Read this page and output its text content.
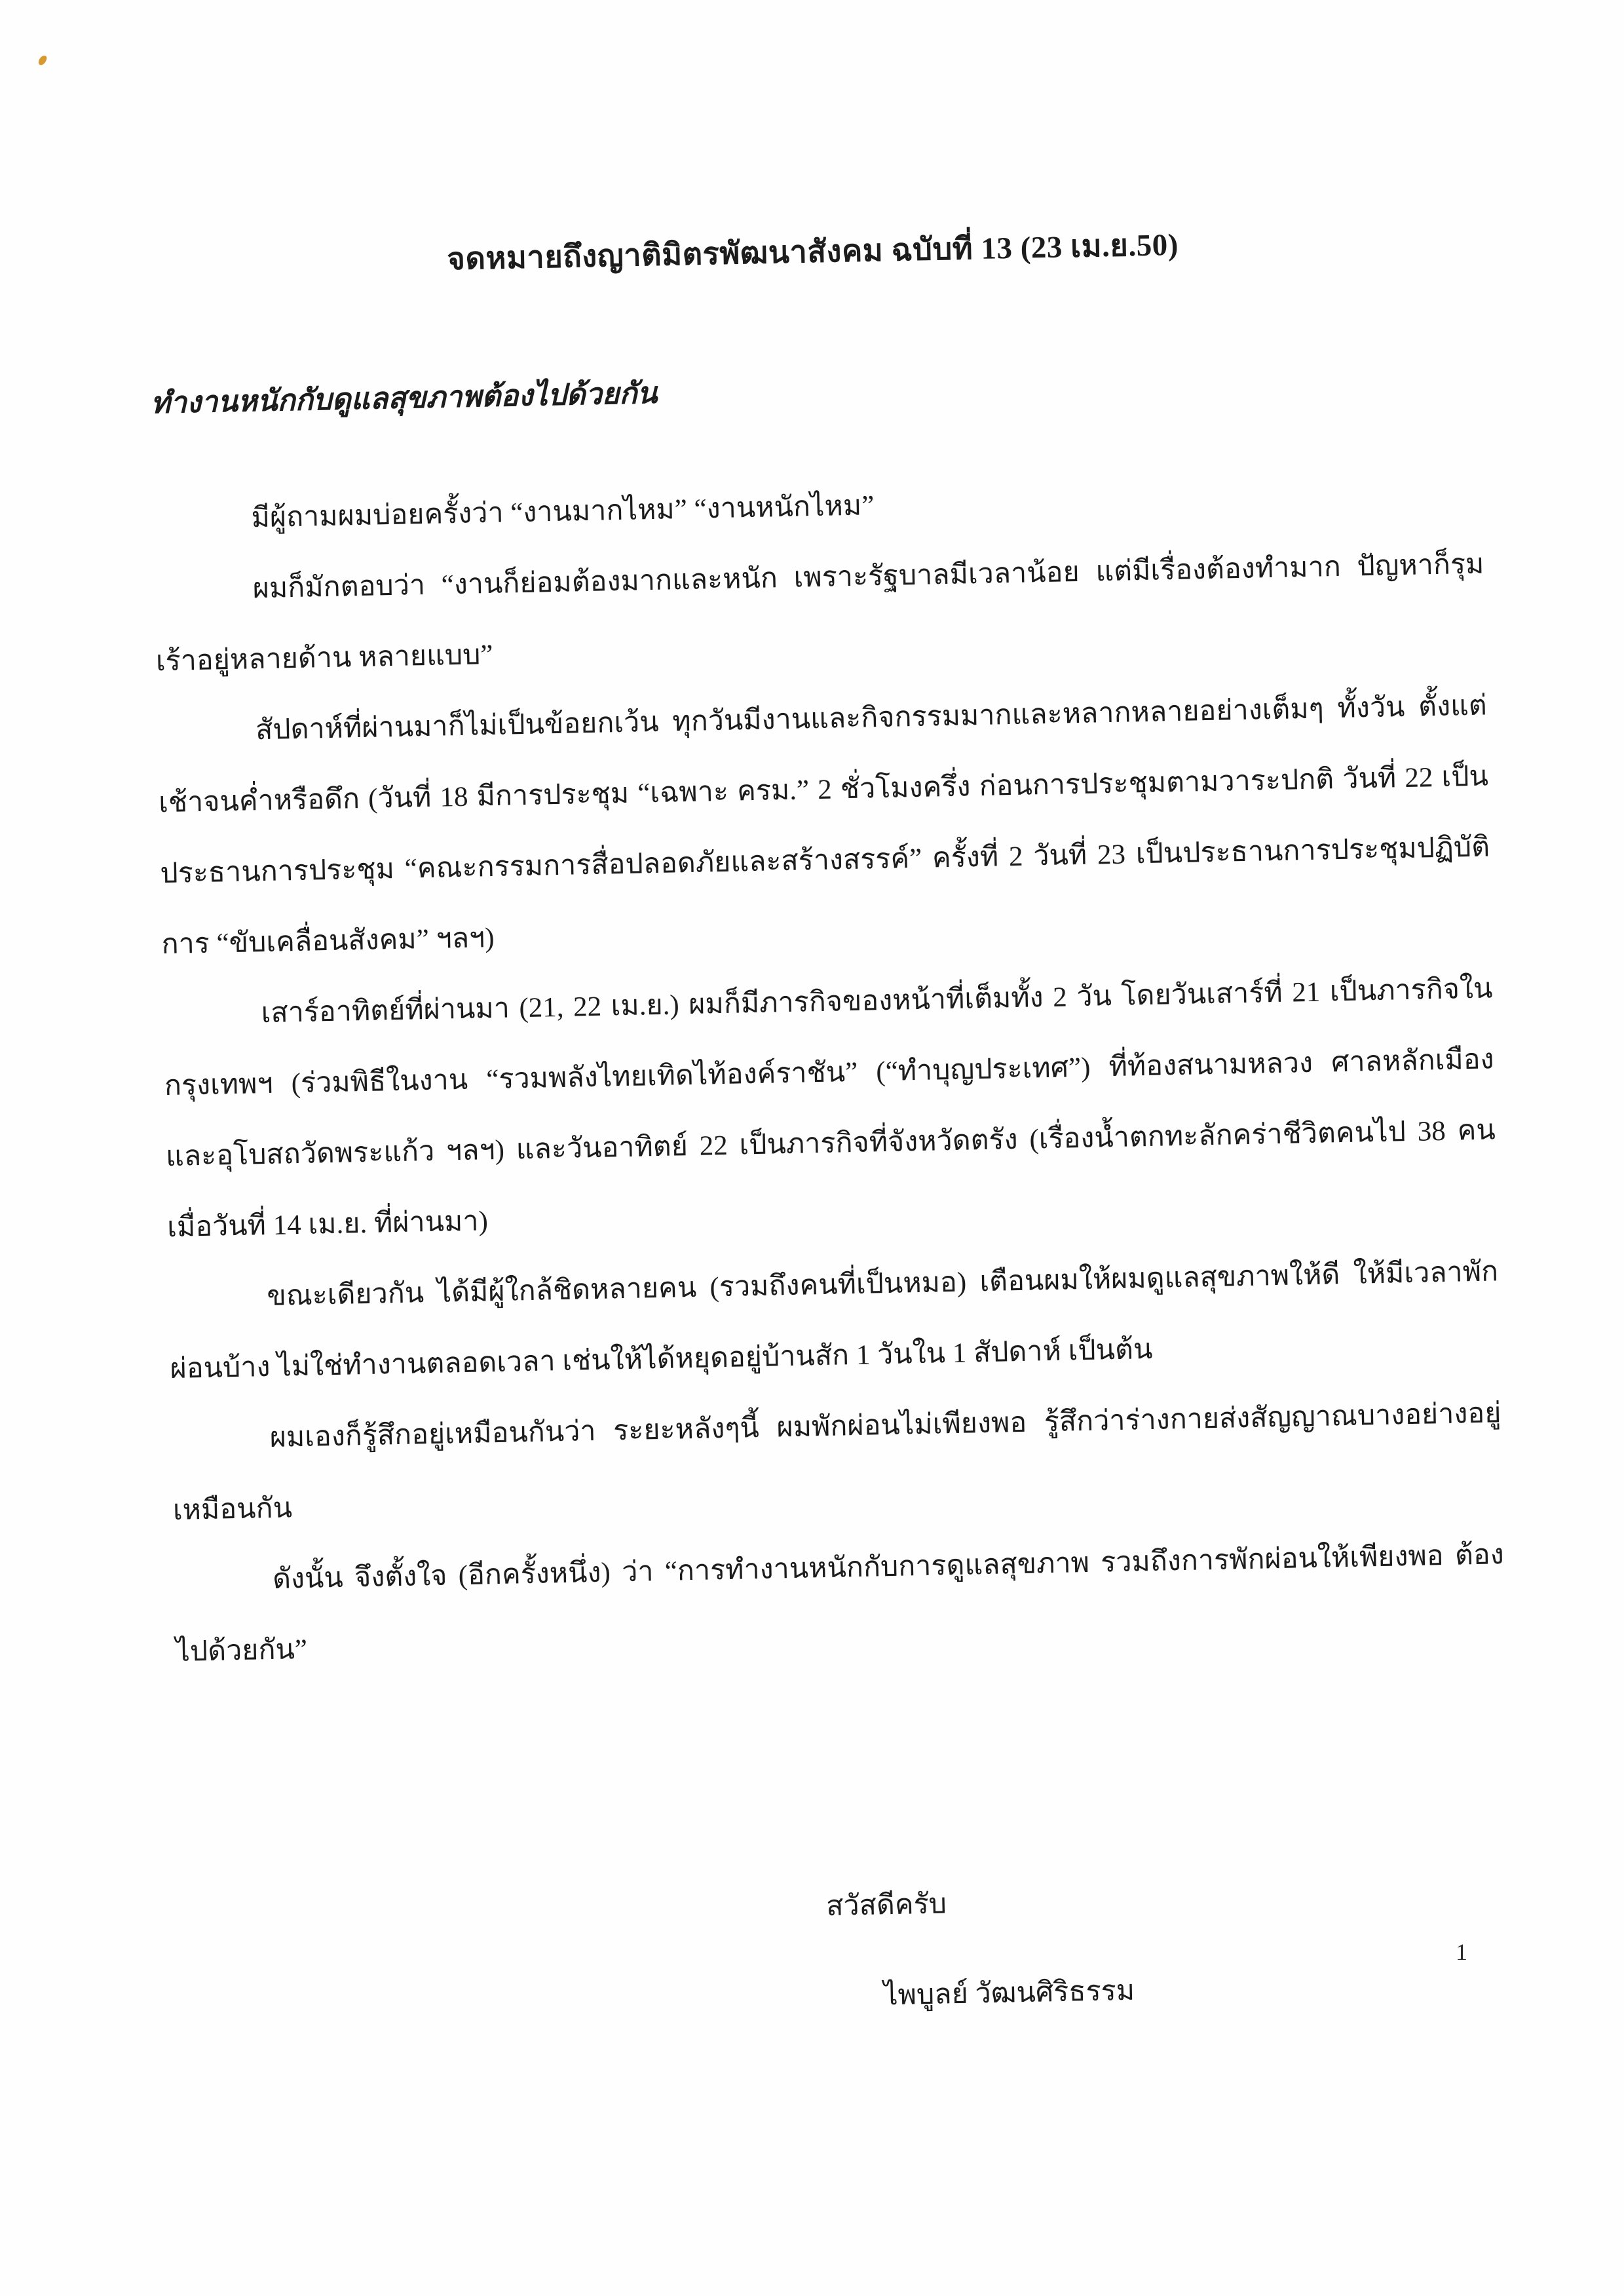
จดหมายถึงญาติมิตรพัฒนาสังคม ฉบับที่ 13 (23 เม.ย.50)
ทำงานหนักกับดูแลสุขภาพต้องไปด้วยกัน

มีผู้ถามผมบ่อยครั้งว่า “งานมากไหม” “งานหนักไหม”

ผมก็มักตอบว่า “งานก็ย่อมต้องมากและหนัก เพราะรัฐบาลมีเวลาน้อย แต่มีเรื่องต้องทำมาก ปัญหาก็รุมเร้าอยู่หลายด้าน หลายแบบ”

สัปดาห์ที่ผ่านมาก็ไม่เป็นข้อยกเว้น ทุกวันมีงานและกิจกรรมมากและหลากหลายอย่างเต็มๆ ทั้งวัน ตั้งแต่เช้าจนค่ำหรือดึก (วันที่ 18 มีการประชุม “เฉพาะ ครม.” 2 ชั่วโมงครึ่ง ก่อนการประชุมตามวาระปกติ วันที่ 22 เป็นประธานการประชุม “คณะกรรมการสื่อปลอดภัยและสร้างสรรค์” ครั้งที่ 2 วันที่ 23 เป็นประธานการประชุมปฏิบัติการ “ขับเคลื่อนสังคม” ฯลฯ)

เสาร์อาทิตย์ที่ผ่านมา (21, 22 เม.ย.) ผมก็มีภารกิจของหน้าที่เต็มทั้ง 2 วัน โดยวันเสาร์ที่ 21 เป็นภารกิจในกรุงเทพฯ (ร่วมพิธีในงาน “รวมพลังไทยเทิดไท้องค์ราชัน” (“ทำบุญประเทศ”) ที่ท้องสนามหลวง ศาลหลักเมือง และอุโบสถวัดพระแก้ว ฯลฯ) และวันอาทิตย์ 22 เป็นภารกิจที่จังหวัดตรัง (เรื่องน้ำตกทะลักคร่าชีวิตคนไป 38 คน เมื่อวันที่ 14 เม.ย. ที่ผ่านมา)

ขณะเดียวกัน ได้มีผู้ใกล้ชิดหลายคน (รวมถึงคนที่เป็นหมอ) เตือนผมให้ผมดูแลสุขภาพให้ดี ให้มีเวลาพักผ่อนบ้าง ไม่ใช่ทำงานตลอดเวลา เช่นให้ได้หยุดอยู่บ้านสัก 1 วันใน 1 สัปดาห์ เป็นต้น

ผมเองก็รู้สึกอยู่เหมือนกันว่า ระยะหลังๆนี้ ผมพักผ่อนไม่เพียงพอ รู้สึกว่าร่างกายส่งสัญญาณบางอย่างอยู่เหมือนกัน

ดังนั้น จึงตั้งใจ (อีกครั้งหนึ่ง) ว่า “การทำงานหนักกับการดูแลสุขภาพ รวมถึงการพักผ่อนให้เพียงพอ ต้องไปด้วยกัน”

สวัสดีครับ

ไพบูลย์ วัฒนศิริธรรม

1
